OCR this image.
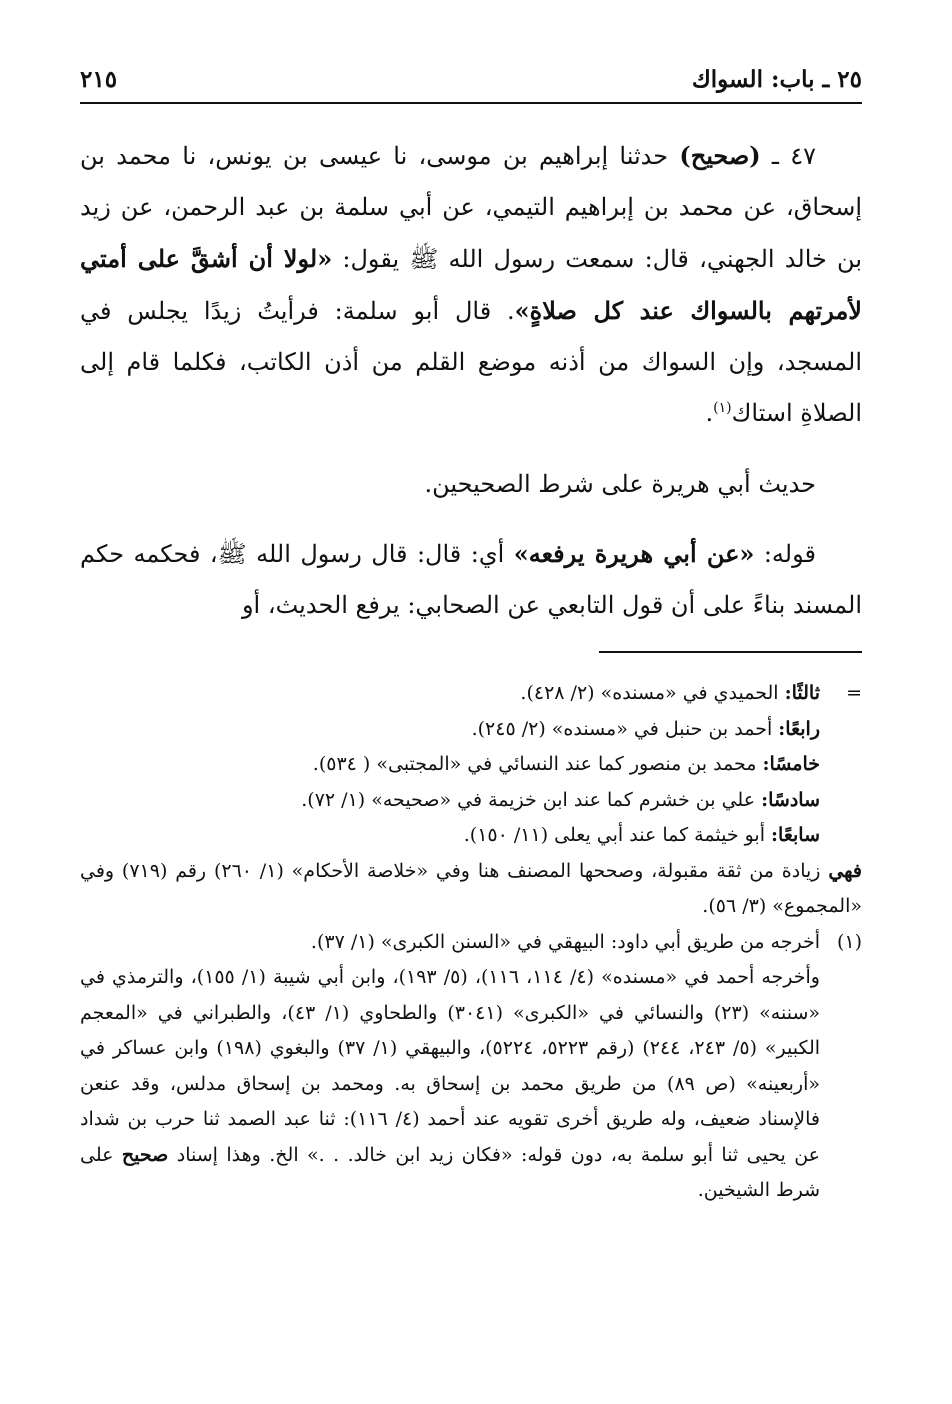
٢٥ ـ باب: السواك
٢١٥

٤٧ ـ (صحيح) حدثنا إبراهيم بن موسى، نا عيسى بن يونس، نا محمد بن إسحاق، عن محمد بن إبراهيم التيمي، عن أبي سلمة بن عبد الرحمن، عن زيد بن خالد الجهني، قال: سمعت رسول الله ﷺ يقول: «لولا أن أشقَّ على أمتي لأمرتهم بالسواك عند كل صلاةٍ». قال أبو سلمة: فرأيتُ زيدًا يجلس في المسجد، وإن السواك من أذنه موضع القلم من أذن الكاتب، فكلما قام إلى الصلاةِ استاك$^{(١)}$.

حديث أبي هريرة على شرط الصحيحين.

قوله: «عن أبي هريرة يرفعه» أي: قال: قال رسول الله ﷺ، فحكمه حكم المسند بناءً على أن قول التابعي عن الصحابي: يرفع الحديث، أو

=
ثالثًا: الحميدي في «مسنده» (٢/ ٤٢٨).
رابعًا: أحمد بن حنبل في «مسنده» (٢/ ٢٤٥).
خامسًا: محمد بن منصور كما عند النسائي في «المجتبى» ( ٥٣٤).
سادسًا: علي بن خشرم كما عند ابن خزيمة في «صحيحه» (١/ ٧٢).
سابعًا: أبو خيثمة كما عند أبي يعلى (١١/ ١٥٠).
فهي زيادة من ثقة مقبولة، وصححها المصنف هنا وفي «خلاصة الأحكام» (١/ ٢٦٠) رقم (٧١٩) وفي «المجموع» (٣/ ٥٦).
(١)
أخرجه من طريق أبي داود: البيهقي في «السنن الكبرى» (١/ ٣٧).
وأخرجه أحمد في «مسنده» (٤/ ١١٤، ١١٦)، (٥/ ١٩٣)، وابن أبي شيبة (١/ ١٥٥)، والترمذي في «سننه» (٢٣) والنسائي في «الكبرى» (٣٠٤١) والطحاوي (١/ ٤٣)، والطبراني في «المعجم الكبير» (٥/ ٢٤٣، ٢٤٤) (رقم ٥٢٢٣، ٥٢٢٤)، والبيهقي (١/ ٣٧) والبغوي (١٩٨) وابن عساكر في «أربعينه» (ص ٨٩) من طريق محمد بن إسحاق به. ومحمد بن إسحاق مدلس، وقد عنعن فالإسناد ضعيف، وله طريق أخرى تقويه عند أحمد (٤/ ١١٦): ثنا عبد الصمد ثنا حرب بن شداد عن يحيى ثنا أبو سلمة به، دون قوله: «فكان زيد ابن خالد. . .» الخ. وهذا إسناد صحيح على شرط الشيخين.
